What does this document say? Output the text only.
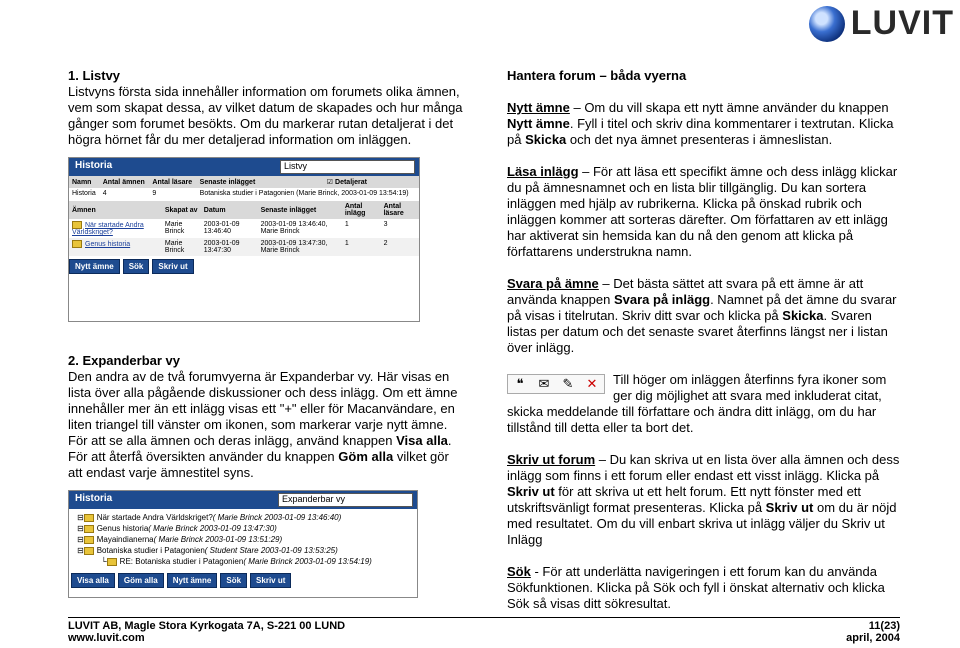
LUVIT
1. Listvy
Listvyns första sida innehåller information om forumets olika ämnen, vem som skapat dessa, av vilket datum de skapades och hur många gånger som forumet besökts. Om du markerar rutan detaljerat i det högra hörnet får du mer detaljerad information om inläggen.
Historia	Listvy
Namn	Antal ämnen	Antal läsare	Senaste inlägget	☑ Detaljerat
Historia	4	9	Botaniska studier i Patagonien (Marie Brinck, 2003-01-09 13:54:19)	
Ämnen	Skapat av	Datum	Senaste inlägget	Antal inlägg	Antal läsare
När startade Andra Världskriget?	Marie Brinck	2003-01-09 13:46:40	2003-01-09 13:46:40, Marie Brinck	1	3
Genus historia	Marie Brinck	2003-01-09 13:47:30	2003-01-09 13:47:30, Marie Brinck	1	2
Nytt ämne	Sök	Skriv ut
2. Expanderbar vy
Den andra av de två forumvyerna är Expanderbar vy. Här visas en lista över alla pågående diskussioner och dess inlägg. Om ett ämne innehåller mer än ett inlägg visas ett "+" eller för Macanvändare, en liten triangel till vänster om ikonen, som markerar varje nytt ämne. För att se alla ämnen och deras inlägg, använd knappen Visa alla. För att återfå översikten använder du knappen Göm alla vilket gör att endast varje ämnestitel syns.
Historia	Expanderbar vy
⊟ När startade Andra Världskriget?( Marie Brinck 2003-01-09 13:46:40)
⊟ Genus historia( Marie Brinck 2003-01-09 13:47:30)
⊟ Mayaindianerna( Marie Brinck 2003-01-09 13:51:29)
⊟ Botaniska studier i Patagonien( Student Stare 2003-01-09 13:53:25)
└ RE: Botaniska studier i Patagonien( Marie Brinck 2003-01-09 13:54:19)
Visa alla	Göm alla	Nytt ämne	Sök	Skriv ut
Hantera forum – båda vyerna
Nytt ämne – Om du vill skapa ett nytt ämne använder du knappen Nytt ämne. Fyll i titel och skriv dina kommentarer i textrutan. Klicka på Skicka och det nya ämnet presenteras i ämneslistan.
Läsa inlägg – För att läsa ett specifikt ämne och dess inlägg klickar du på ämnesnamnet och en lista blir tillgänglig. Du kan sortera inläggen med hjälp av rubrikerna. Klicka på önskad rubrik och inläggen kommer att sorteras därefter. Om författaren av ett inlägg har aktiverat sin hemsida kan du nå den genom att klicka på författarens understrukna namn.
Svara på ämne – Det bästa sättet att svara på ett ämne är att använda knappen Svara på inlägg. Namnet på det ämne du svarar på visas i titelrutan. Skriv ditt svar och klicka på Skicka. Svaren listas per datum och det senaste svaret återfinns längst ner i listan över inlägg.
❝	✉	✎	✕	Till höger om inläggen återfinns fyra ikoner som ger dig möjlighet att svara med inkluderat citat, skicka meddelande till författare och ändra ditt inlägg, om du har tillstånd till detta eller ta bort det.
Skriv ut forum – Du kan skriva ut en lista över alla ämnen och dess inlägg som finns i ett forum eller endast ett visst inlägg. Klicka på Skriv ut för att skriva ut ett helt forum. Ett nytt fönster med ett utskriftsvänligt format presenteras. Klicka på Skriv ut om du är nöjd med resultatet. Om du vill enbart skriva ut inlägg väljer du Skriv ut Inlägg
Sök - För att underlätta navigeringen i ett forum kan du använda Sökfunktionen. Klicka på Sök och fyll i önskat alternativ och klicka Sök så visas ditt sökresultat.
LUVIT AB, Magle Stora Kyrkogata 7A, S-221 00 LUND
www.luvit.com
11(23)
april, 2004
